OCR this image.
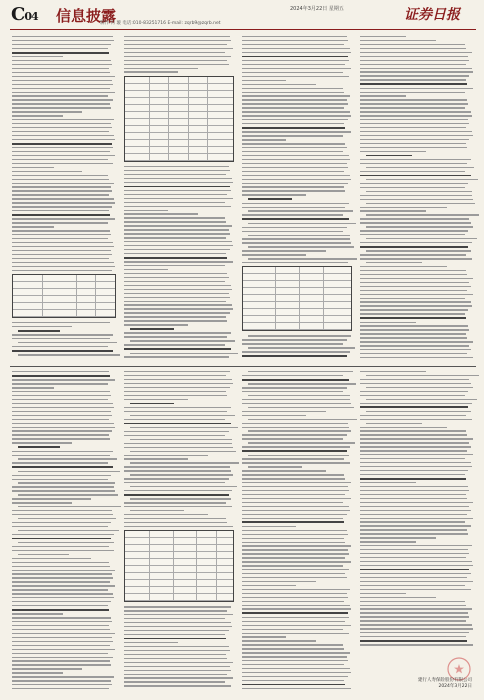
C04 信息披露
制作:何 璇 电话:010-83251716 E-mail: zqrb9@zqrb.net
2024年3月22日 星期五	证券日报
建行人寿保险股份有限公司
2024年3月22日
